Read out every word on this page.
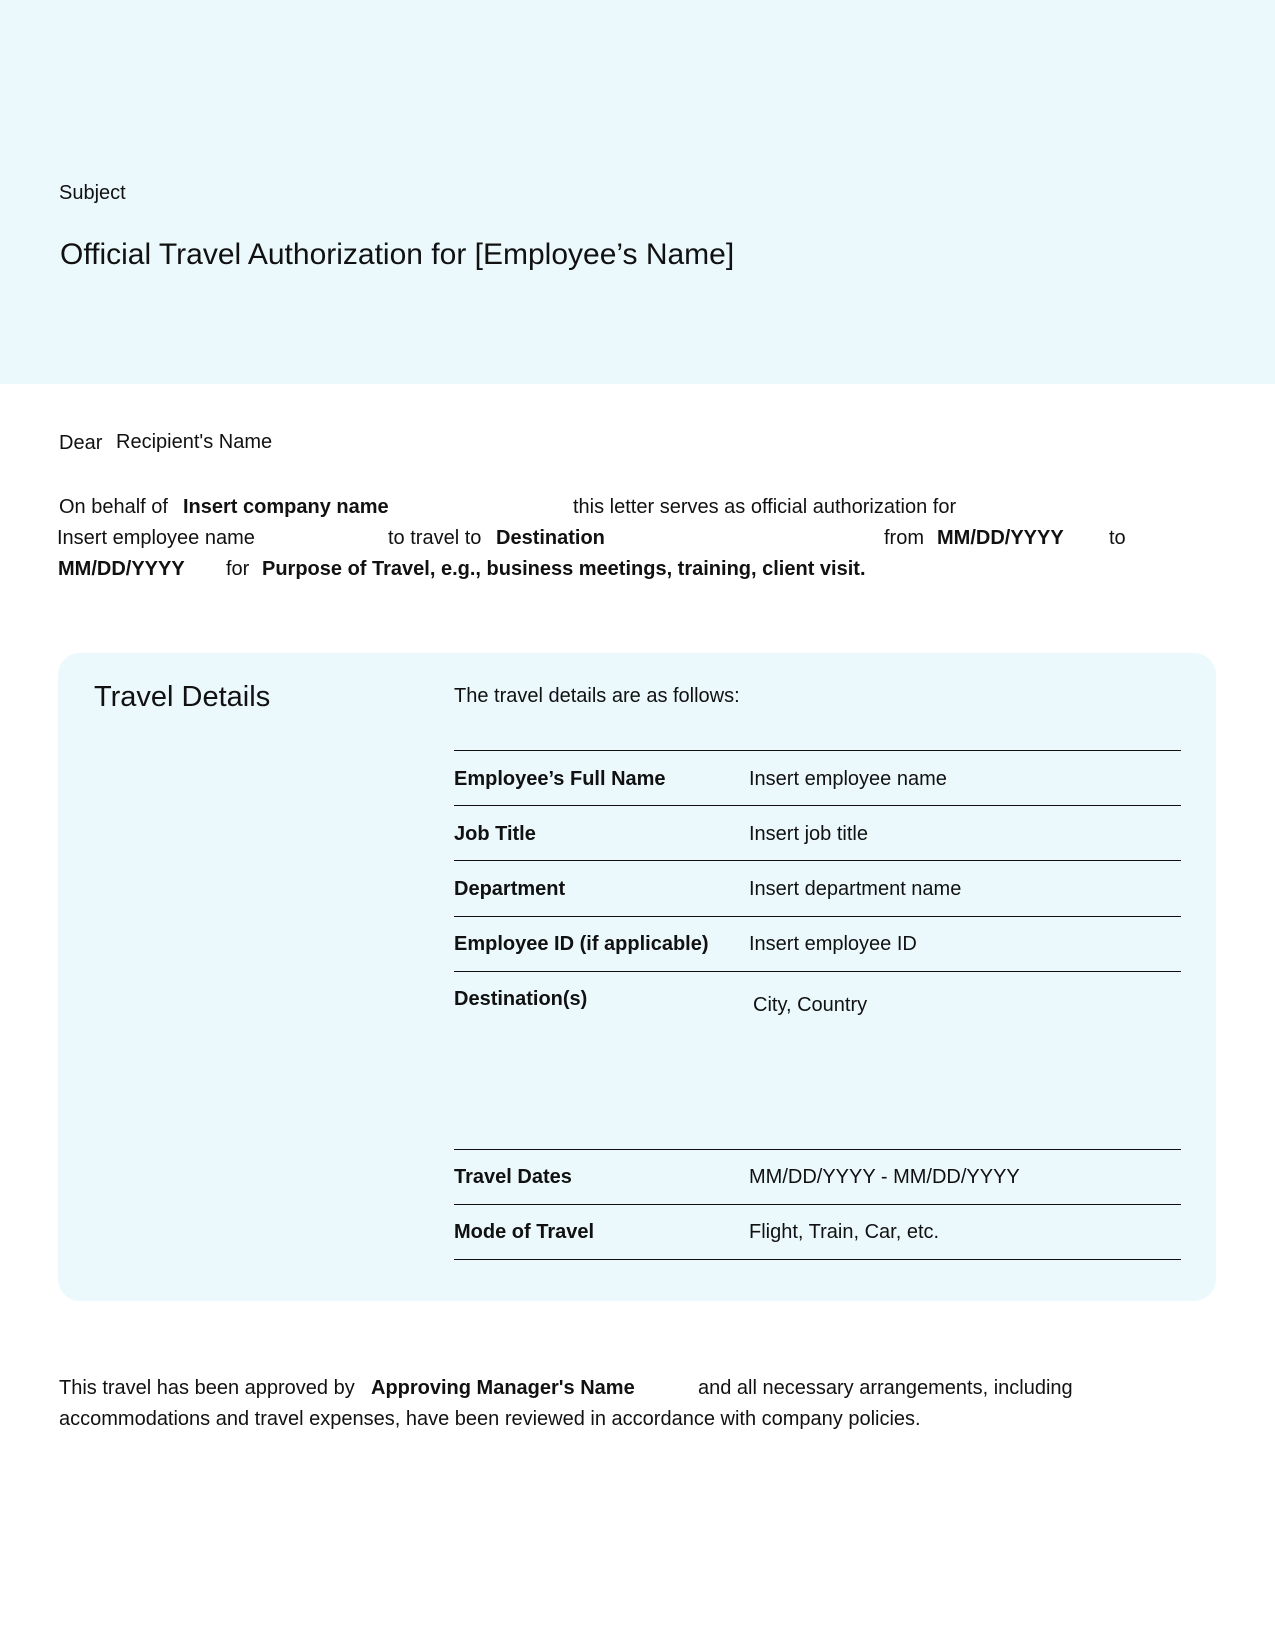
Subject
Official Travel Authorization for [Employee’s Name]
Dear Recipient's Name
On behalf of Insert company name	this letter serves as official authorization for
Insert employee name	to travel to Destination	from MM/DD/YYYY to
MM/DD/YYYY for Purpose of Travel, e.g., business meetings, training, client visit.
Travel Details	The travel details are as follows:
Employee’s Full Name	Insert employee name
Job Title	Insert job title
Department	Insert department name
Employee ID (if applicable) Insert employee ID
Destination(s)	City, Country
Travel Dates	MM/DD/YYYY - MM/DD/YYYY
Mode of Travel	Flight, Train, Car, etc.
This travel has been approved by Approving Manager's Name	and all necessary arrangements, including
accommodations and travel expenses, have been reviewed in accordance with company policies.
